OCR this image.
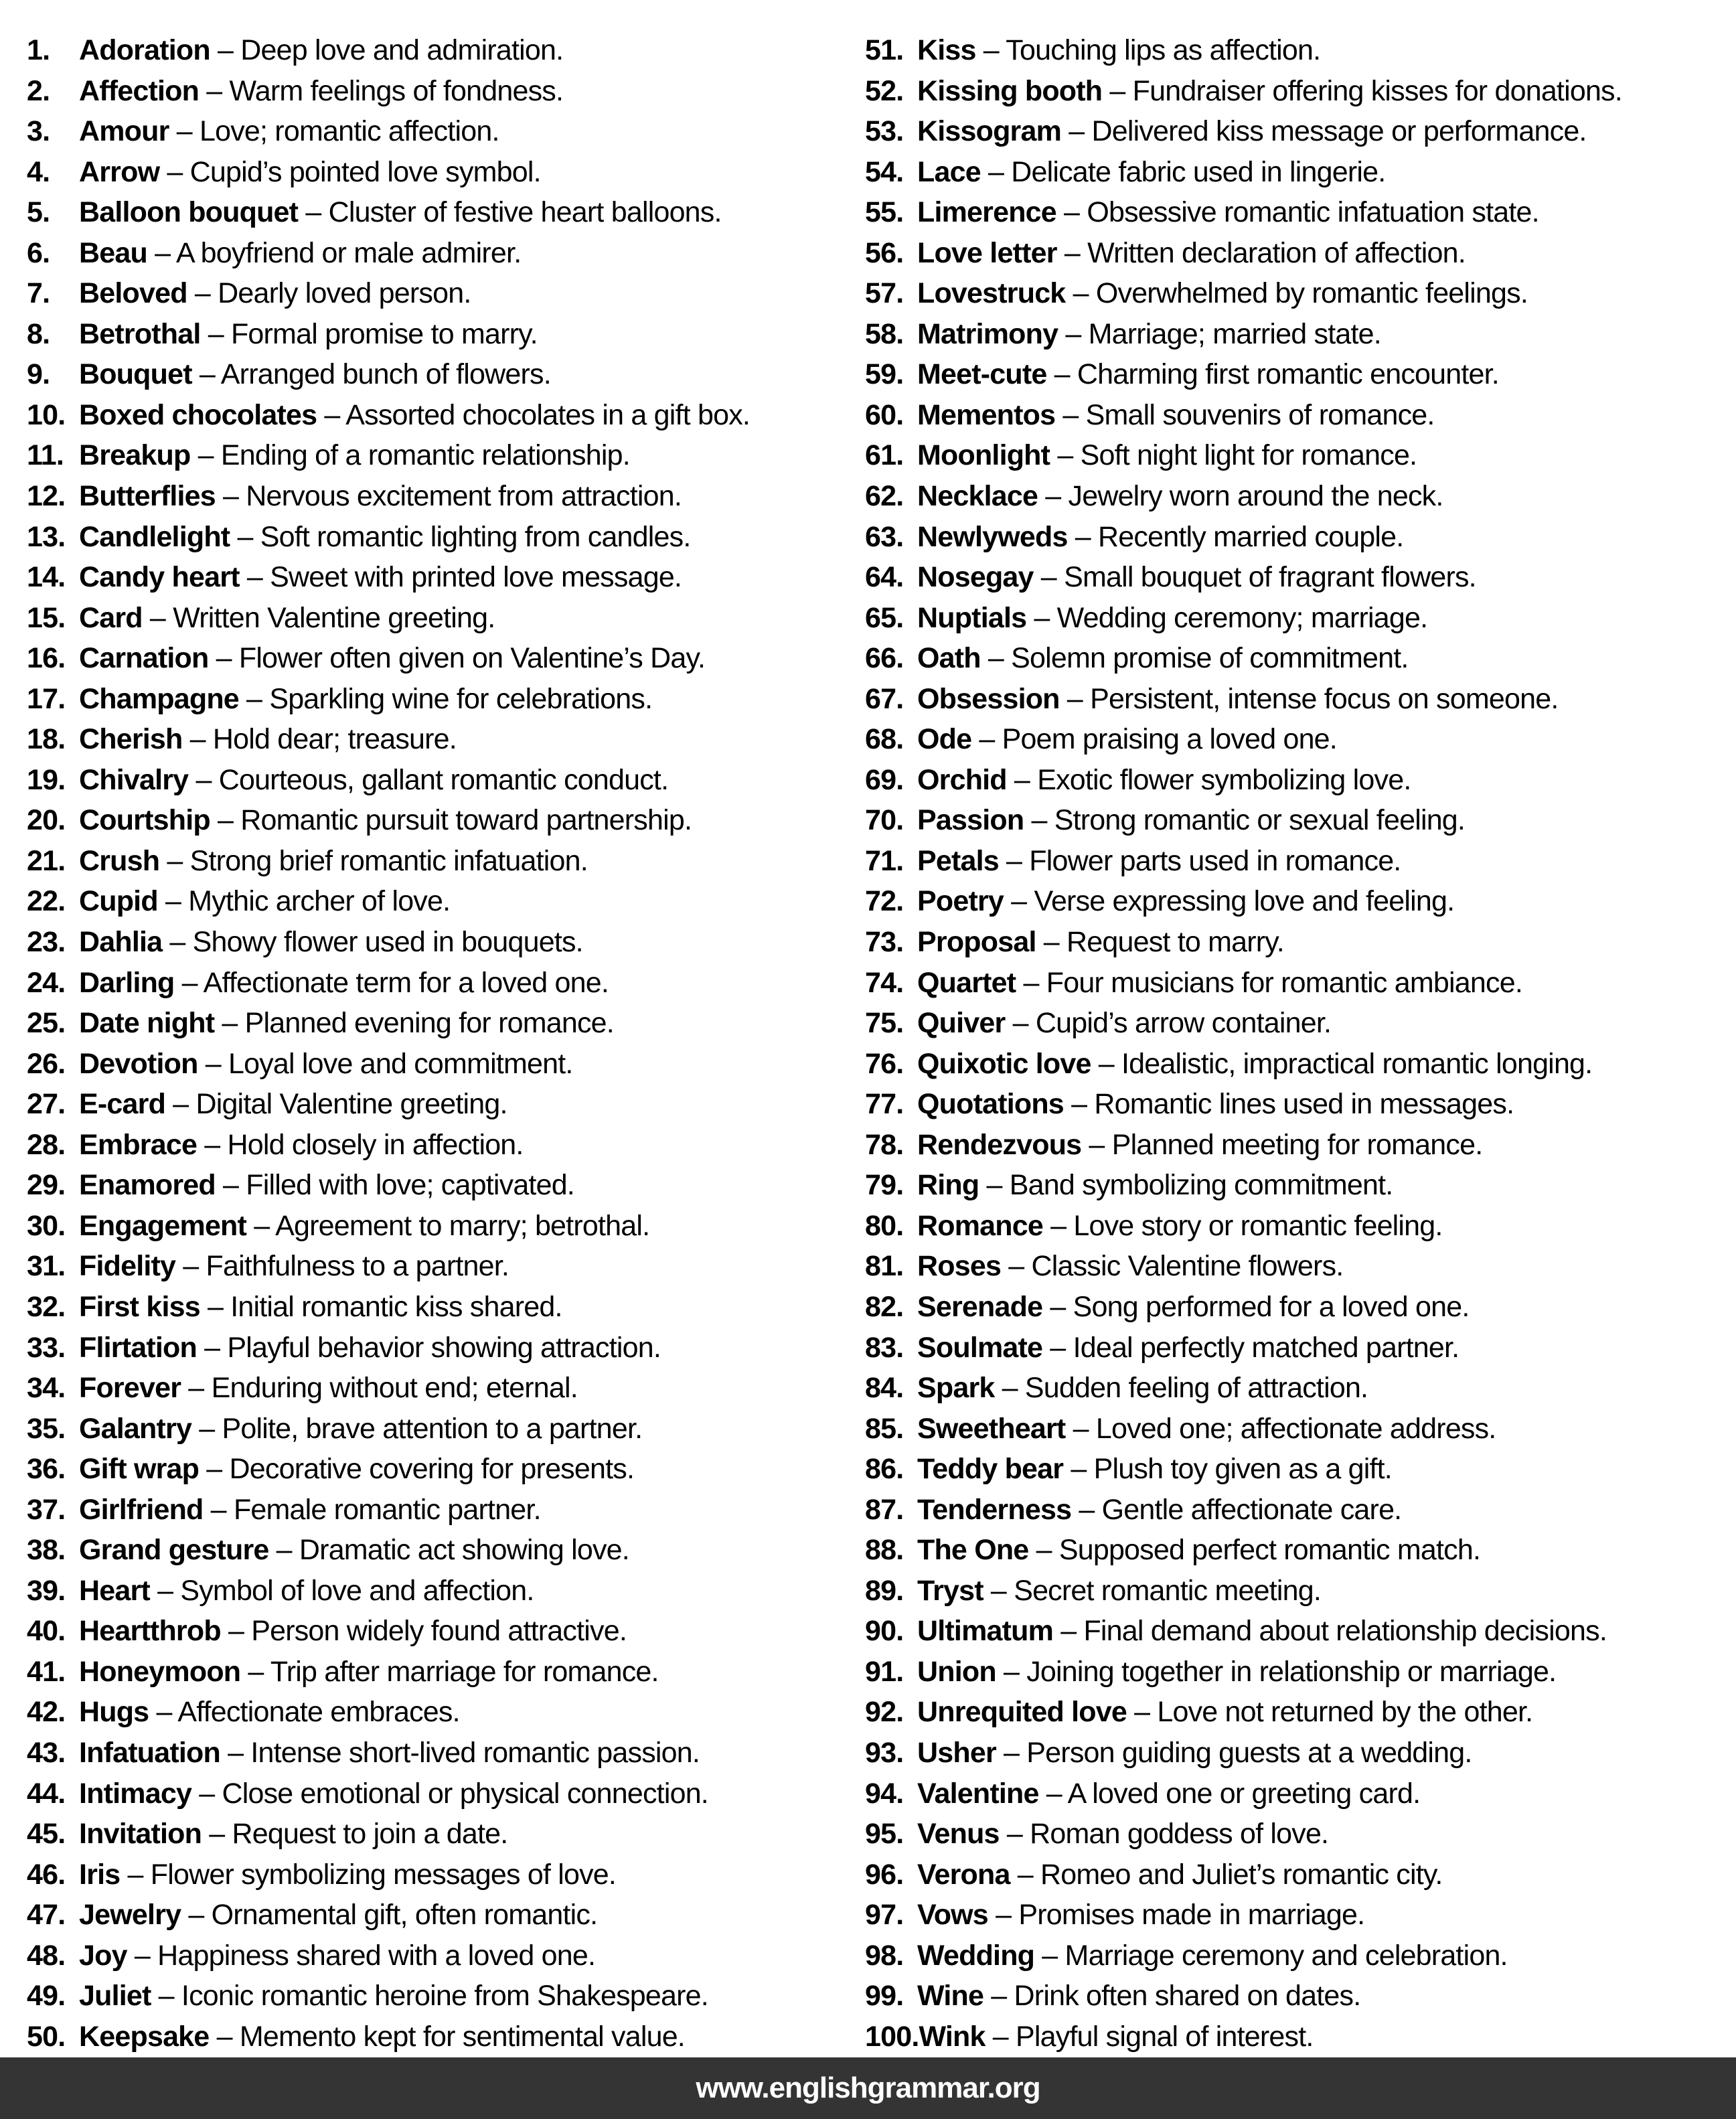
1.	Adoration – Deep love and admiration.
2.	Affection – Warm feelings of fondness.
3.	Amour – Love; romantic affection.
4.	Arrow – Cupid’s pointed love symbol.
5.	Balloon bouquet – Cluster of festive heart balloons.
6.	Beau – A boyfriend or male admirer.
7.	Beloved – Dearly loved person.
8.	Betrothal – Formal promise to marry.
9.	Bouquet – Arranged bunch of flowers.
10. Boxed chocolates – Assorted chocolates in a gift box.
11. Breakup – Ending of a romantic relationship.
12. Butterflies – Nervous excitement from attraction.
13. Candlelight – Soft romantic lighting from candles.
14. Candy heart – Sweet with printed love message.
15. Card – Written Valentine greeting.
16. Carnation – Flower often given on Valentine’s Day.
17. Champagne – Sparkling wine for celebrations.
18. Cherish – Hold dear; treasure.
19. Chivalry – Courteous, gallant romantic conduct.
20. Courtship – Romantic pursuit toward partnership.
21. Crush – Strong brief romantic infatuation.
22. Cupid – Mythic archer of love.
23. Dahlia – Showy flower used in bouquets.
24. Darling – Affectionate term for a loved one.
25. Date night – Planned evening for romance.
26. Devotion – Loyal love and commitment.
27. E-card – Digital Valentine greeting.
28. Embrace – Hold closely in affection.
29. Enamored – Filled with love; captivated.
30. Engagement – Agreement to marry; betrothal.
31. Fidelity – Faithfulness to a partner.
32. First kiss – Initial romantic kiss shared.
33. Flirtation – Playful behavior showing attraction.
34. Forever – Enduring without end; eternal.
35. Galantry – Polite, brave attention to a partner.
36. Gift wrap – Decorative covering for presents.
37. Girlfriend – Female romantic partner.
38. Grand gesture – Dramatic act showing love.
39. Heart – Symbol of love and affection.
40. Heartthrob – Person widely found attractive.
41. Honeymoon – Trip after marriage for romance.
42. Hugs – Affectionate embraces.
43. Infatuation – Intense short-lived romantic passion.
44. Intimacy – Close emotional or physical connection.
45. Invitation – Request to join a date.
46. Iris – Flower symbolizing messages of love.
47. Jewelry – Ornamental gift, often romantic.
48. Joy – Happiness shared with a loved one.
49. Juliet – Iconic romantic heroine from Shakespeare.
50. Keepsake – Memento kept for sentimental value.
51. Kiss – Touching lips as affection.
52. Kissing booth – Fundraiser offering kisses for donations.
53. Kissogram – Delivered kiss message or performance.
54. Lace – Delicate fabric used in lingerie.
55. Limerence – Obsessive romantic infatuation state.
56. Love letter – Written declaration of affection.
57. Lovestruck – Overwhelmed by romantic feelings.
58. Matrimony – Marriage; married state.
59. Meet-cute – Charming first romantic encounter.
60. Mementos – Small souvenirs of romance.
61. Moonlight – Soft night light for romance.
62. Necklace – Jewelry worn around the neck.
63. Newlyweds – Recently married couple.
64. Nosegay – Small bouquet of fragrant flowers.
65. Nuptials – Wedding ceremony; marriage.
66. Oath – Solemn promise of commitment.
67. Obsession – Persistent, intense focus on someone.
68. Ode – Poem praising a loved one.
69. Orchid – Exotic flower symbolizing love.
70. Passion – Strong romantic or sexual feeling.
71. Petals – Flower parts used in romance.
72. Poetry – Verse expressing love and feeling.
73. Proposal – Request to marry.
74. Quartet – Four musicians for romantic ambiance.
75. Quiver – Cupid’s arrow container.
76. Quixotic love – Idealistic, impractical romantic longing.
77. Quotations – Romantic lines used in messages.
78. Rendezvous – Planned meeting for romance.
79. Ring – Band symbolizing commitment.
80. Romance – Love story or romantic feeling.
81. Roses – Classic Valentine flowers.
82. Serenade – Song performed for a loved one.
83. Soulmate – Ideal perfectly matched partner.
84. Spark – Sudden feeling of attraction.
85. Sweetheart – Loved one; affectionate address.
86. Teddy bear – Plush toy given as a gift.
87. Tenderness – Gentle affectionate care.
88. The One – Supposed perfect romantic match.
89. Tryst – Secret romantic meeting.
90. Ultimatum – Final demand about relationship decisions.
91. Union – Joining together in relationship or marriage.
92. Unrequited love – Love not returned by the other.
93. Usher – Person guiding guests at a wedding.
94. Valentine – A loved one or greeting card.
95. Venus – Roman goddess of love.
96. Verona – Romeo and Juliet’s romantic city.
97. Vows – Promises made in marriage.
98. Wedding – Marriage ceremony and celebration.
99. Wine – Drink often shared on dates.
100. Wink – Playful signal of interest.
www.englishgrammar.org
